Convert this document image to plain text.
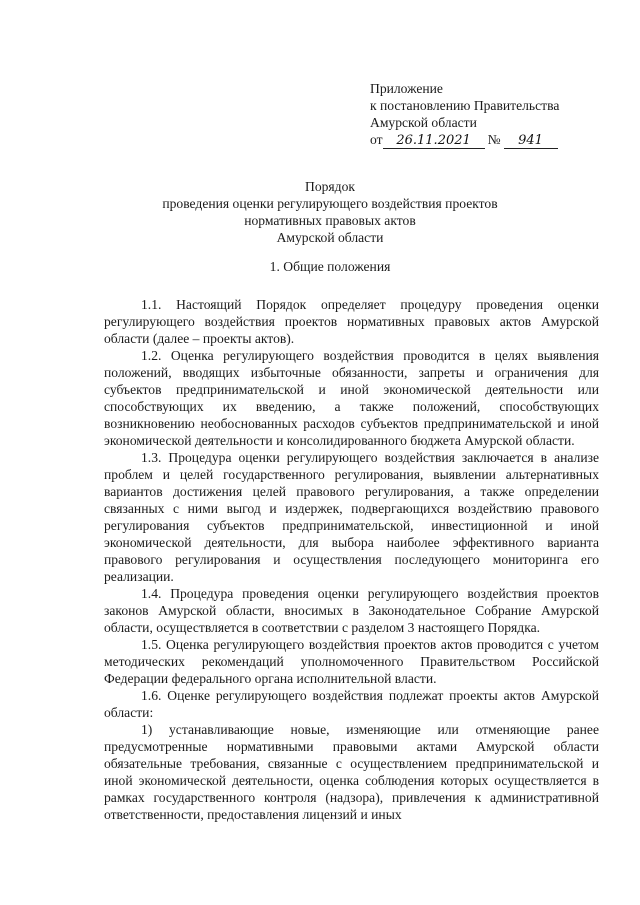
Приложение
к постановлению Правительства
Амурской области
от 26.11.2021 № 941
Порядок
проведения оценки регулирующего воздействия проектов
нормативных правовых актов
Амурской области
1. Общие положения

1.1. Настоящий Порядок определяет процедуру проведения оценки регулирующего воздействия проектов нормативных правовых актов Амурской области (далее – проекты актов).

1.2. Оценка регулирующего воздействия проводится в целях выявления положений, вводящих избыточные обязанности, запреты и ограничения для субъектов предпринимательской и иной экономической деятельности или способствующих их введению, а также положений, способствующих возникновению необоснованных расходов субъектов предпринимательской и иной экономической деятельности и консолидированного бюджета Амурской области.

1.3. Процедура оценки регулирующего воздействия заключается в анализе проблем и целей государственного регулирования, выявлении альтернативных вариантов достижения целей правового регулирования, а также определении связанных с ними выгод и издержек, подвергающихся воздействию правового регулирования субъектов предпринимательской, инвестиционной и иной экономической деятельности, для выбора наиболее эффективного варианта правового регулирования и осуществления последующего мониторинга его реализации.

1.4. Процедура проведения оценки регулирующего воздействия проектов законов Амурской области, вносимых в Законодательное Собрание Амурской области, осуществляется в соответствии с разделом 3 настоящего Порядка.

1.5. Оценка регулирующего воздействия проектов актов проводится с учетом методических рекомендаций уполномоченного Правительством Российской Федерации федерального органа исполнительной власти.

1.6. Оценке регулирующего воздействия подлежат проекты актов Амурской области:

1) устанавливающие новые, изменяющие или отменяющие ранее предусмотренные нормативными правовыми актами Амурской области обязательные требования, связанные с осуществлением предпринимательской и иной экономической деятельности, оценка соблюдения которых осуществляется в рамках государственного контроля (надзора), привлечения к административной ответственности, предоставления лицензий и иных
